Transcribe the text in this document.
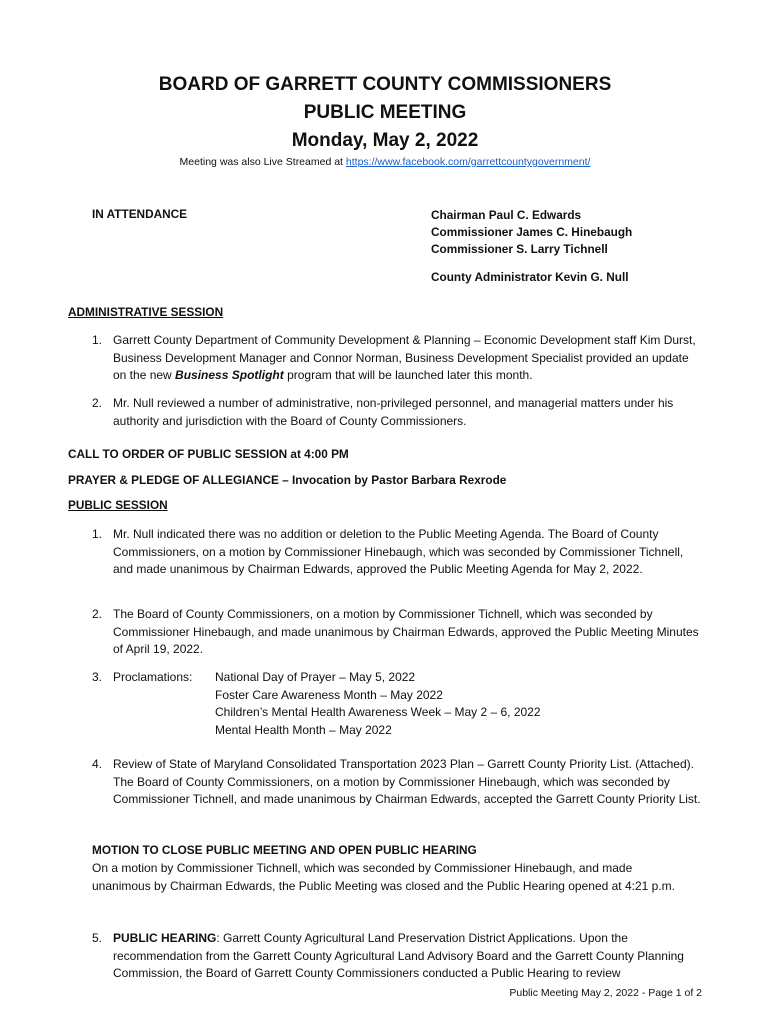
BOARD OF GARRETT COUNTY COMMISSIONERS
PUBLIC MEETING
Monday, May 2, 2022
Meeting was also Live Streamed at https://www.facebook.com/garrettcountygovernment/
IN ATTENDANCE	Chairman Paul C. Edwards
Commissioner James C. Hinebaugh
Commissioner S. Larry Tichnell
County Administrator Kevin G. Null
ADMINISTRATIVE SESSION
1. Garrett County Department of Community Development & Planning – Economic Development staff Kim Durst, Business Development Manager and Connor Norman, Business Development Specialist provided an update on the new Business Spotlight program that will be launched later this month.
2. Mr. Null reviewed a number of administrative, non-privileged personnel, and managerial matters under his authority and jurisdiction with the Board of County Commissioners.
CALL TO ORDER OF PUBLIC SESSION at 4:00 PM
PRAYER & PLEDGE OF ALLEGIANCE – Invocation by Pastor Barbara Rexrode
PUBLIC SESSION
1. Mr. Null indicated there was no addition or deletion to the Public Meeting Agenda. The Board of County Commissioners, on a motion by Commissioner Hinebaugh, which was seconded by Commissioner Tichnell, and made unanimous by Chairman Edwards, approved the Public Meeting Agenda for May 2, 2022.
2. The Board of County Commissioners, on a motion by Commissioner Tichnell, which was seconded by Commissioner Hinebaugh, and made unanimous by Chairman Edwards, approved the Public Meeting Minutes of April 19, 2022.
3. Proclamations: National Day of Prayer – May 5, 2022
Foster Care Awareness Month – May 2022
Children’s Mental Health Awareness Week – May 2 – 6, 2022
Mental Health Month – May 2022
4. Review of State of Maryland Consolidated Transportation 2023 Plan – Garrett County Priority List. (Attached). The Board of County Commissioners, on a motion by Commissioner Hinebaugh, which was seconded by Commissioner Tichnell, and made unanimous by Chairman Edwards, accepted the Garrett County Priority List.
MOTION TO CLOSE PUBLIC MEETING AND OPEN PUBLIC HEARING
On a motion by Commissioner Tichnell, which was seconded by Commissioner Hinebaugh, and made unanimous by Chairman Edwards, the Public Meeting was closed and the Public Hearing opened at 4:21 p.m.
5. PUBLIC HEARING: Garrett County Agricultural Land Preservation District Applications. Upon the recommendation from the Garrett County Agricultural Land Advisory Board and the Garrett County Planning Commission, the Board of Garrett County Commissioners conducted a Public Hearing to review
Public Meeting May 2, 2022 - Page 1 of 2
